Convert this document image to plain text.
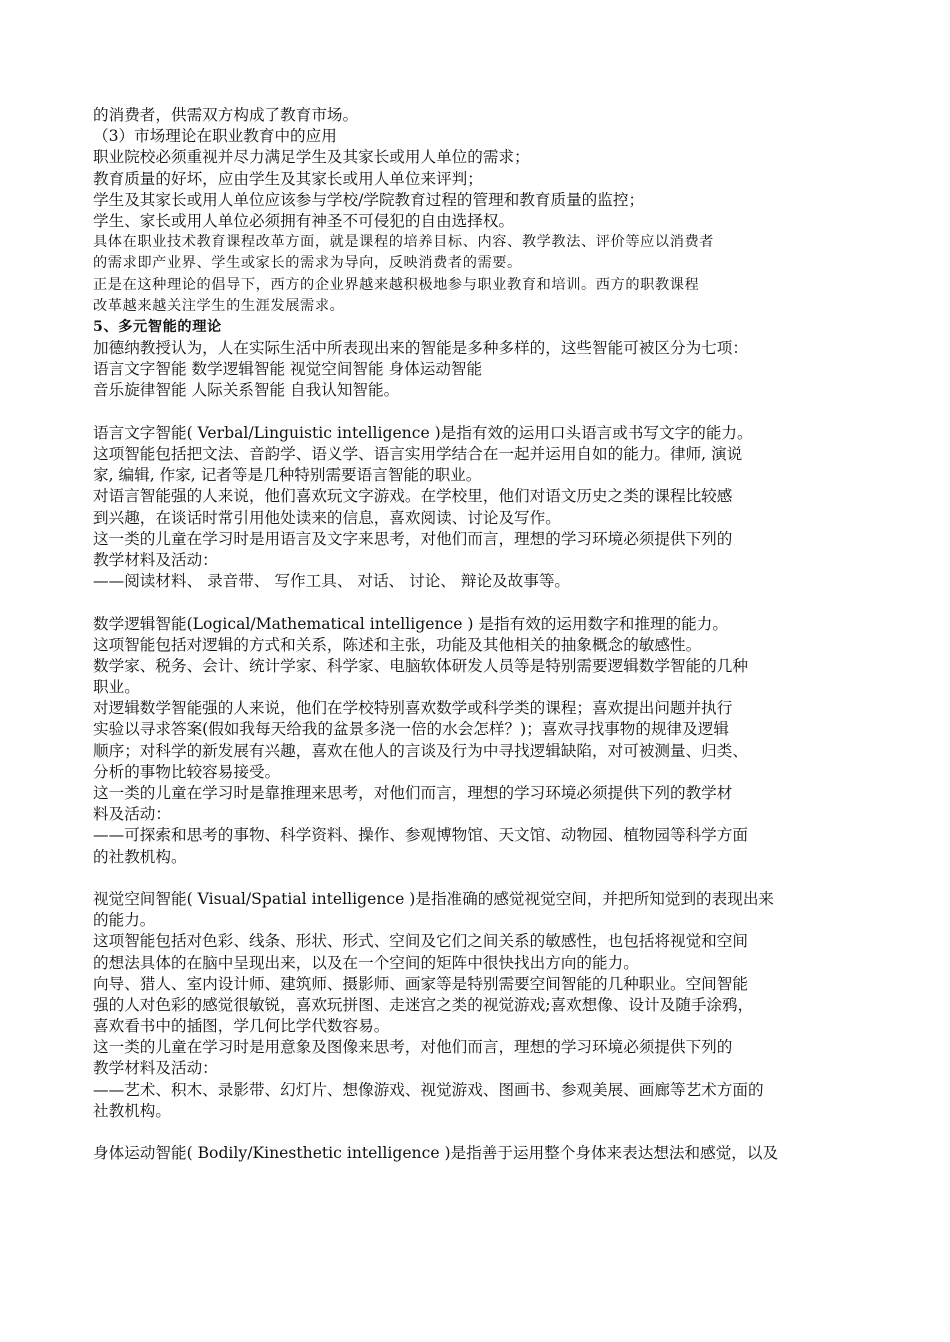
的消费者，供需双方构成了教育市场。
（3）市场理论在职业教育中的应用
职业院校必须重视并尽力满足学生及其家长或用人单位的需求；
教育质量的好坏，应由学生及其家长或用人单位来评判；
学生及其家长或用人单位应该参与学校/学院教育过程的管理和教育质量的监控；
学生、家长或用人单位必须拥有神圣不可侵犯的自由选择权。
具体在职业技术教育课程改革方面，就是课程的培养目标、内容、教学教法、评价等应以消费者
的需求即产业界、学生或家长的需求为导向，反映消费者的需要。
正是在这种理论的倡导下，西方的企业界越来越积极地参与职业教育和培训。西方的职教课程
改革越来越关注学生的生涯发展需求。
5、多元智能的理论
加德纳教授认为，人在实际生活中所表现出来的智能是多种多样的，这些智能可被区分为七项：
语言文字智能 数学逻辑智能 视觉空间智能 身体运动智能
音乐旋律智能 人际关系智能 自我认知智能。
语言文字智能( Verbal/Linguistic intelligence )是指有效的运用口头语言或书写文字的能力。
这项智能包括把文法、音韵学、语义学、语言实用学结合在一起并运用自如的能力。律师, 演说
家, 编辑, 作家, 记者等是几种特别需要语言智能的职业。
对语言智能强的人来说，他们喜欢玩文字游戏。在学校里，他们对语文历史之类的课程比较感
到兴趣，在谈话时常引用他处读来的信息，喜欢阅读、讨论及写作。
这一类的儿童在学习时是用语言及文字来思考，对他们而言，理想的学习环境必须提供下列的
教学材料及活动：
——阅读材料、 录音带、 写作工具、 对话、 讨论、 辩论及故事等。
数学逻辑智能(Logical/Mathematical intelligence ) 是指有效的运用数字和推理的能力。
这项智能包括对逻辑的方式和关系，陈述和主张，功能及其他相关的抽象概念的敏感性。
数学家、税务、会计、统计学家、科学家、电脑软体研发人员等是特别需要逻辑数学智能的几种
职业。
对逻辑数学智能强的人来说，他们在学校特别喜欢数学或科学类的课程；喜欢提出问题并执行
实验以寻求答案(假如我每天给我的盆景多浇一倍的水会怎样？)；喜欢寻找事物的规律及逻辑
顺序；对科学的新发展有兴趣，喜欢在他人的言谈及行为中寻找逻辑缺陷，对可被测量、归类、
分析的事物比较容易接受。
这一类的儿童在学习时是靠推理来思考，对他们而言，理想的学习环境必须提供下列的教学材
料及活动：
——可探索和思考的事物、科学资料、操作、参观博物馆、天文馆、动物园、植物园等科学方面
的社教机构。
视觉空间智能( Visual/Spatial intelligence )是指准确的感觉视觉空间，并把所知觉到的表现出来
的能力。
这项智能包括对色彩、线条、形状、形式、空间及它们之间关系的敏感性，也包括将视觉和空间
的想法具体的在脑中呈现出来，以及在一个空间的矩阵中很快找出方向的能力。
向导、猎人、室内设计师、建筑师、摄影师、画家等是特别需要空间智能的几种职业。空间智能
强的人对色彩的感觉很敏锐，喜欢玩拼图、走迷宫之类的视觉游戏;喜欢想像、设计及随手涂鸦，
喜欢看书中的插图，学几何比学代数容易。
这一类的儿童在学习时是用意象及图像来思考，对他们而言，理想的学习环境必须提供下列的
教学材料及活动：
——艺术、积木、录影带、幻灯片、想像游戏、视觉游戏、图画书、参观美展、画廊等艺术方面的
社教机构。
身体运动智能( Bodily/Kinesthetic intelligence )是指善于运用整个身体来表达想法和感觉，以及
